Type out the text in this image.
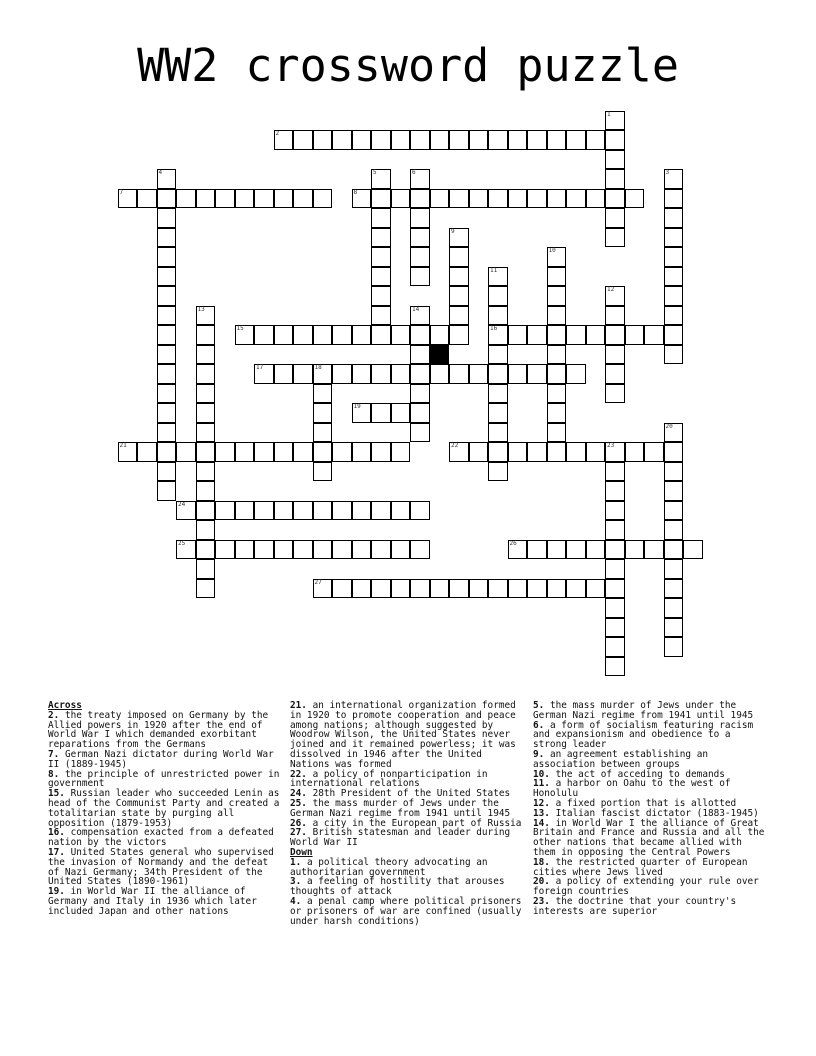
WW2 crossword puzzle
2
7	8
15	16
17	18
19
21	22	23
24
25	26
27
1
3
4	5	6
9
10
11
12
13	14
20
Across
2. the treaty imposed on Germany by the Allied powers in 1920 after the end of World War I which demanded exorbitant reparations from the Germans
7. German Nazi dictator during World War II (1889-1945)
8. the principle of unrestricted power in government
15. Russian leader who succeeded Lenin as head of the Communist Party and created a totalitarian state by purging all opposition (1879-1953)
16. compensation exacted from a defeated nation by the victors
17. United States general who supervised the invasion of Normandy and the defeat of Nazi Germany; 34th President of the United States (1890-1961)
19. in World War II the alliance of Germany and Italy in 1936 which later included Japan and other nations
21. an international organization formed in 1920 to promote cooperation and peace among nations; although suggested by Woodrow Wilson, the United States never joined and it remained powerless; it was dissolved in 1946 after the United Nations was formed
22. a policy of nonparticipation in international relations
24. 28th President of the United States
25. the mass murder of Jews under the German Nazi regime from 1941 until 1945
26. a city in the European part of Russia
27. British statesman and leader during World War II
Down
1. a political theory advocating an authoritarian government
3. a feeling of hostility that arouses thoughts of attack
4. a penal camp where political prisoners or prisoners of war are confined (usually under harsh conditions)
5. the mass murder of Jews under the German Nazi regime from 1941 until 1945
6. a form of socialism featuring racism and expansionism and obedience to a strong leader
9. an agreement establishing an association between groups
10. the act of acceding to demands
11. a harbor on Oahu to the west of Honolulu
12. a fixed portion that is allotted
13. Italian fascist dictator (1883-1945)
14. in World War I the alliance of Great Britain and France and Russia and all the other nations that became allied with them in opposing the Central Powers
18. the restricted quarter of European cities where Jews lived
20. a policy of extending your rule over foreign countries
23. the doctrine that your country's interests are superior
